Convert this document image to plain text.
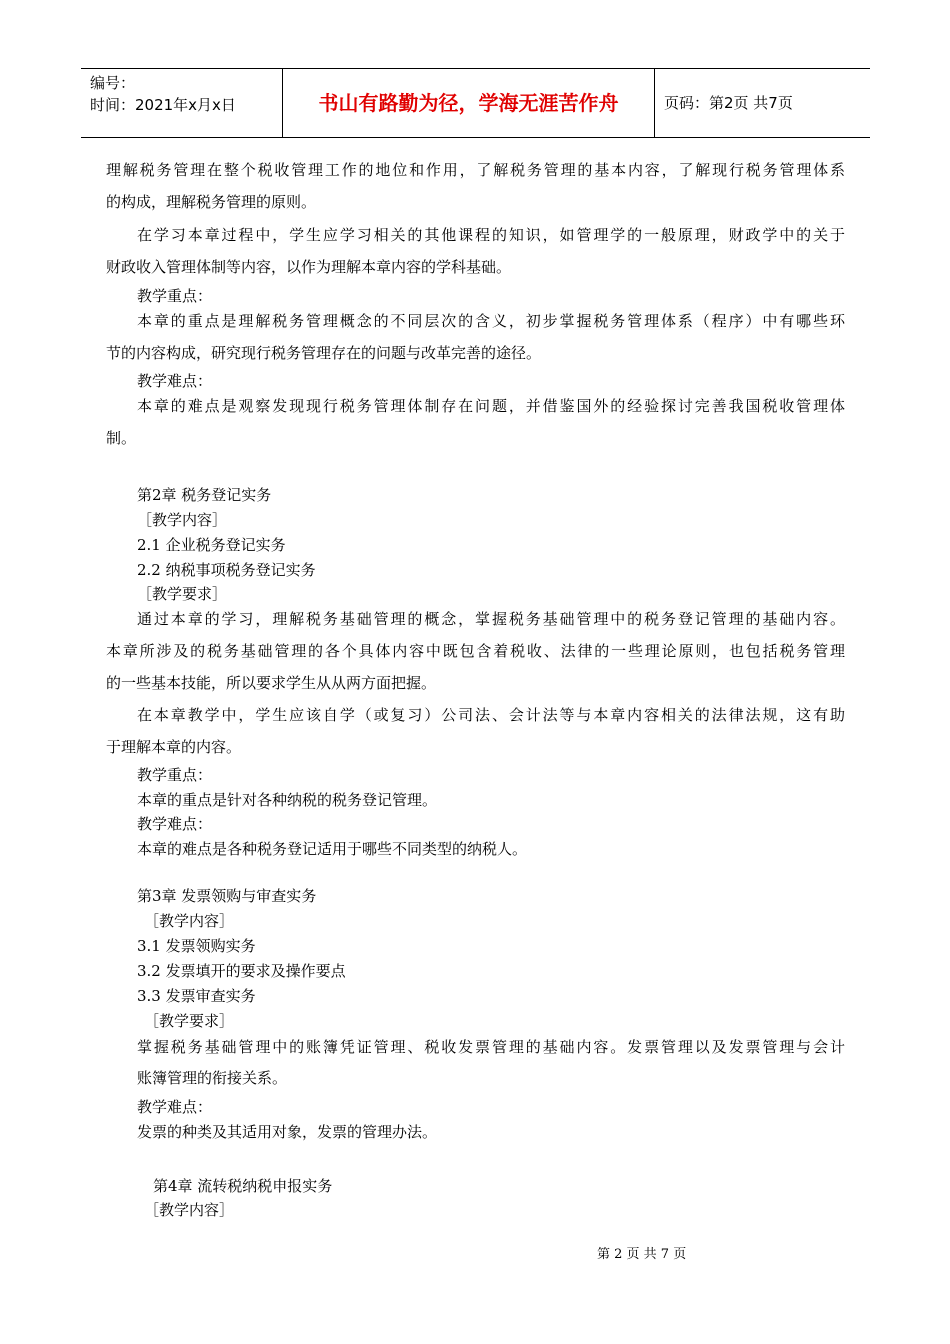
编号：
时间：2021年x月x日	书山有路勤为径，学海无涯苦作舟	页码：第2页 共7页
理解税务管理在整个税收管理工作的地位和作用，了解税务管理的基本内容，了解现行税务管理体系
的构成，理解税务管理的原则。
在学习本章过程中，学生应学习相关的其他课程的知识，如管理学的一般原理，财政学中的关于
财政收入管理体制等内容，以作为理解本章内容的学科基础。
教学重点：
本章的重点是理解税务管理概念的不同层次的含义，初步掌握税务管理体系（程序）中有哪些环
节的内容构成，研究现行税务管理存在的问题与改革完善的途径。
教学难点：
本章的难点是观察发现现行税务管理体制存在问题，并借鉴国外的经验探讨完善我国税收管理体
制。
第2章 税务登记实务
［教学内容］
2.1 企业税务登记实务
2.2 纳税事项税务登记实务
［教学要求］
通过本章的学习，理解税务基础管理的概念，掌握税务基础管理中的税务登记管理的基础内容。
本章所涉及的税务基础管理的各个具体内容中既包含着税收、法律的一些理论原则，也包括税务管理
的一些基本技能，所以要求学生从从两方面把握。
在本章教学中，学生应该自学（或复习）公司法、会计法等与本章内容相关的法律法规，这有助
于理解本章的内容。
教学重点：
本章的重点是针对各种纳税的税务登记管理。
教学难点：
本章的难点是各种税务登记适用于哪些不同类型的纳税人。
第3章 发票领购与审查实务
［教学内容］
3.1 发票领购实务
3.2 发票填开的要求及操作要点
3.3 发票审查实务
［教学要求］
掌握税务基础管理中的账簿凭证管理、税收发票管理的基础内容。发票管理以及发票管理与会计
账簿管理的衔接关系。
教学难点：
发票的种类及其适用对象，发票的管理办法。
第4章 流转税纳税申报实务
［教学内容］
第 2 页 共 7 页
